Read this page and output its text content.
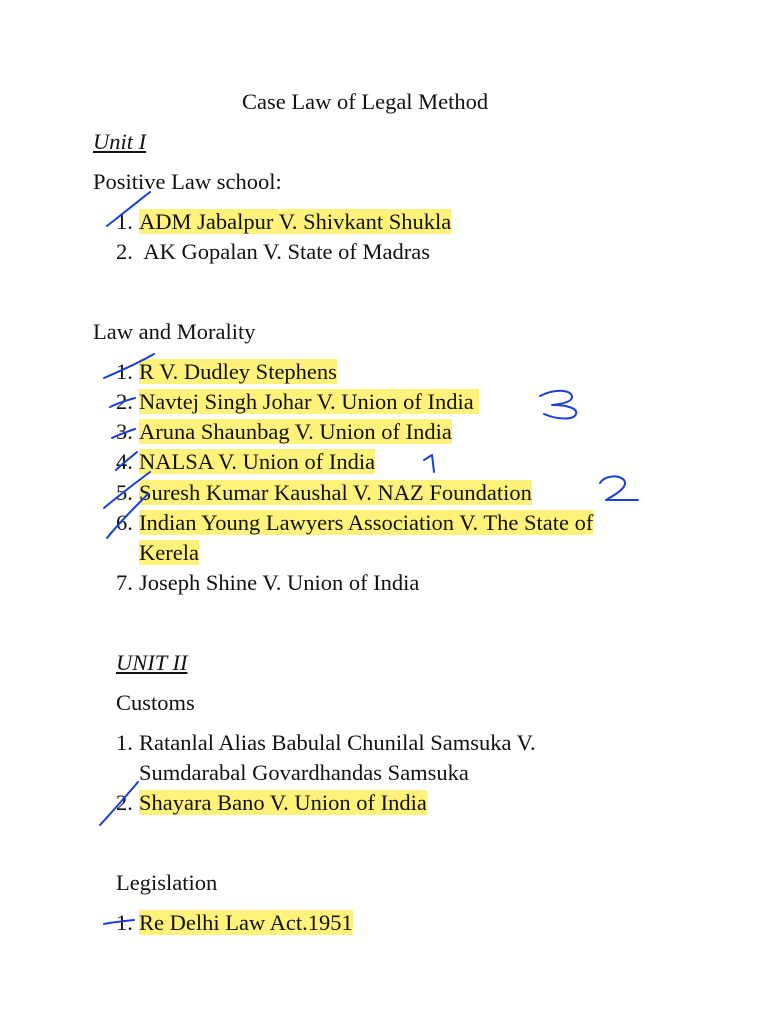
Case Law of Legal Method
Unit I
Positive Law school:
1. ADM Jabalpur V. Shivkant Shukla
2. AK Gopalan V. State of Madras
Law and Morality
1. R V. Dudley Stephens
2. Navtej Singh Johar V. Union of India
3. Aruna Shaunbag V. Union of India
4. NALSA V. Union of India
5. Suresh Kumar Kaushal V. NAZ Foundation
6. Indian Young Lawyers Association V. The State of
Kerela
7. Joseph Shine V. Union of India
UNIT II
Customs
1. Ratanlal Alias Babulal Chunilal Samsuka V.
Sumdarabal Govardhandas Samsuka
2. Shayara Bano V. Union of India
Legislation
1. Re Delhi Law Act.1951
